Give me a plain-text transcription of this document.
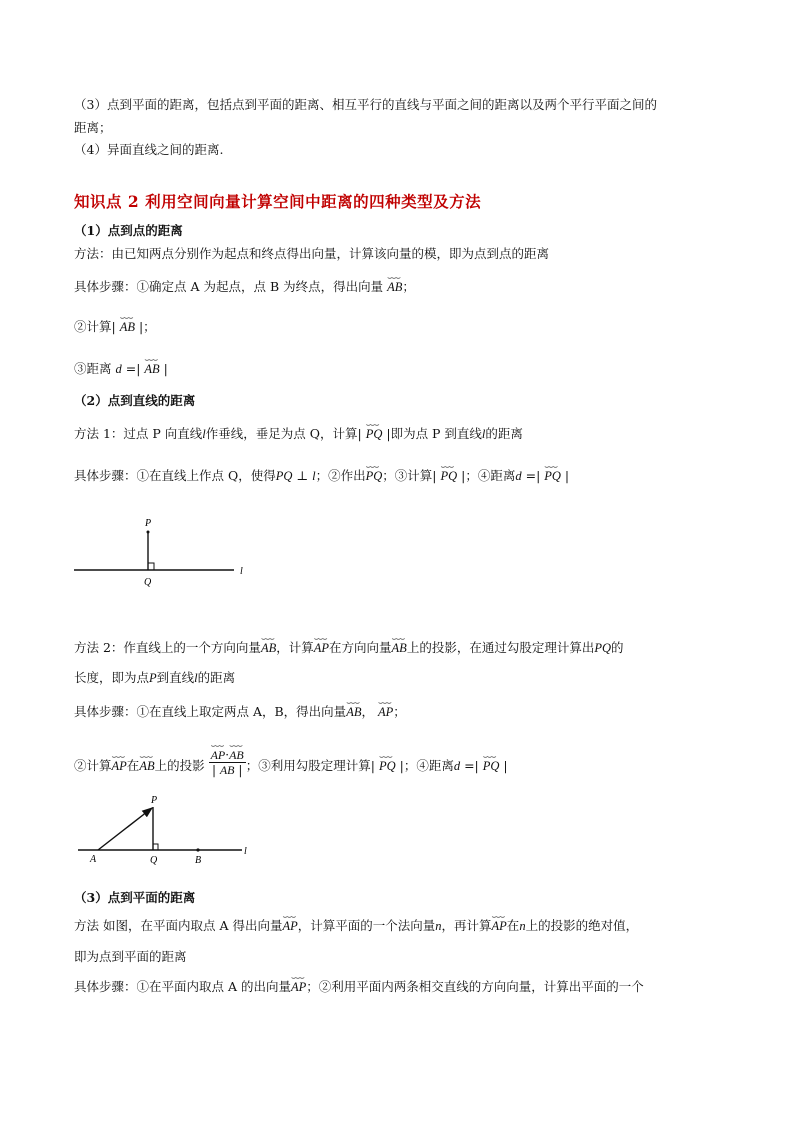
（3）点到平面的距离，包括点到平面的距离、相互平行的直线与平面之间的距离以及两个平行平面之间的
距离；
（4）异面直线之间的距离.
知识点 2 利用空间向量计算空间中距离的四种类型及方法
（1）点到点的距离
方法：由已知两点分别作为起点和终点得出向量，计算该向量的模，即为点到点的距离
具体步骤：①确定点 A 为起点，点 B 为终点，得出向量 ⌣⌣⌣ AB；
②计算| ⌣⌣⌣ AB |；
③距离 d =| ⌣⌣⌣ AB |
（2）点到直线的距离
方法 1：过点 P 向直线l作垂线，垂足为点 Q，计算| ⌣⌣⌣ PQ |即为点 P 到直线l的距离
具体步骤：①在直线上作点 Q，使得PQ ⊥ l；②作出⌣⌣⌣ PQ；③计算| ⌣⌣⌣ PQ |；④距离d =| ⌣⌣⌣ PQ |
P
Q
l
方法 2：作直线上的一个方向向量⌣⌣⌣ AB，计算⌣⌣⌣ AP在方向向量⌣⌣⌣ AB上的投影，在通过勾股定理计算出PQ的
长度，即为点P到直线l的距离
具体步骤：①在直线上取定两点 A，B，得出向量⌣⌣⌣ AB， ⌣⌣⌣ AP；
②计算⌣⌣⌣ AP在⌣⌣⌣ AB上的投影 ⌣⌣⌣ $\frac{AP\cdot⌣⌣⌣ AB}{| AB |}$ ；③利用勾股定理计算| ⌣⌣⌣ PQ |；④距离d =| ⌣⌣⌣ PQ |
P
A	Q	B
l
（3）点到平面的距离
方法 如图，在平面内取点 A 得出向量⌣⌣⌣ AP，计算平面的一个法向量n，再计算⌣⌣⌣ AP在n上的投影的绝对值，
即为点到平面的距离
具体步骤：①在平面内取点 A 的出向量⌣⌣⌣ AP；②利用平面内两条相交直线的方向向量，计算出平面的一个
